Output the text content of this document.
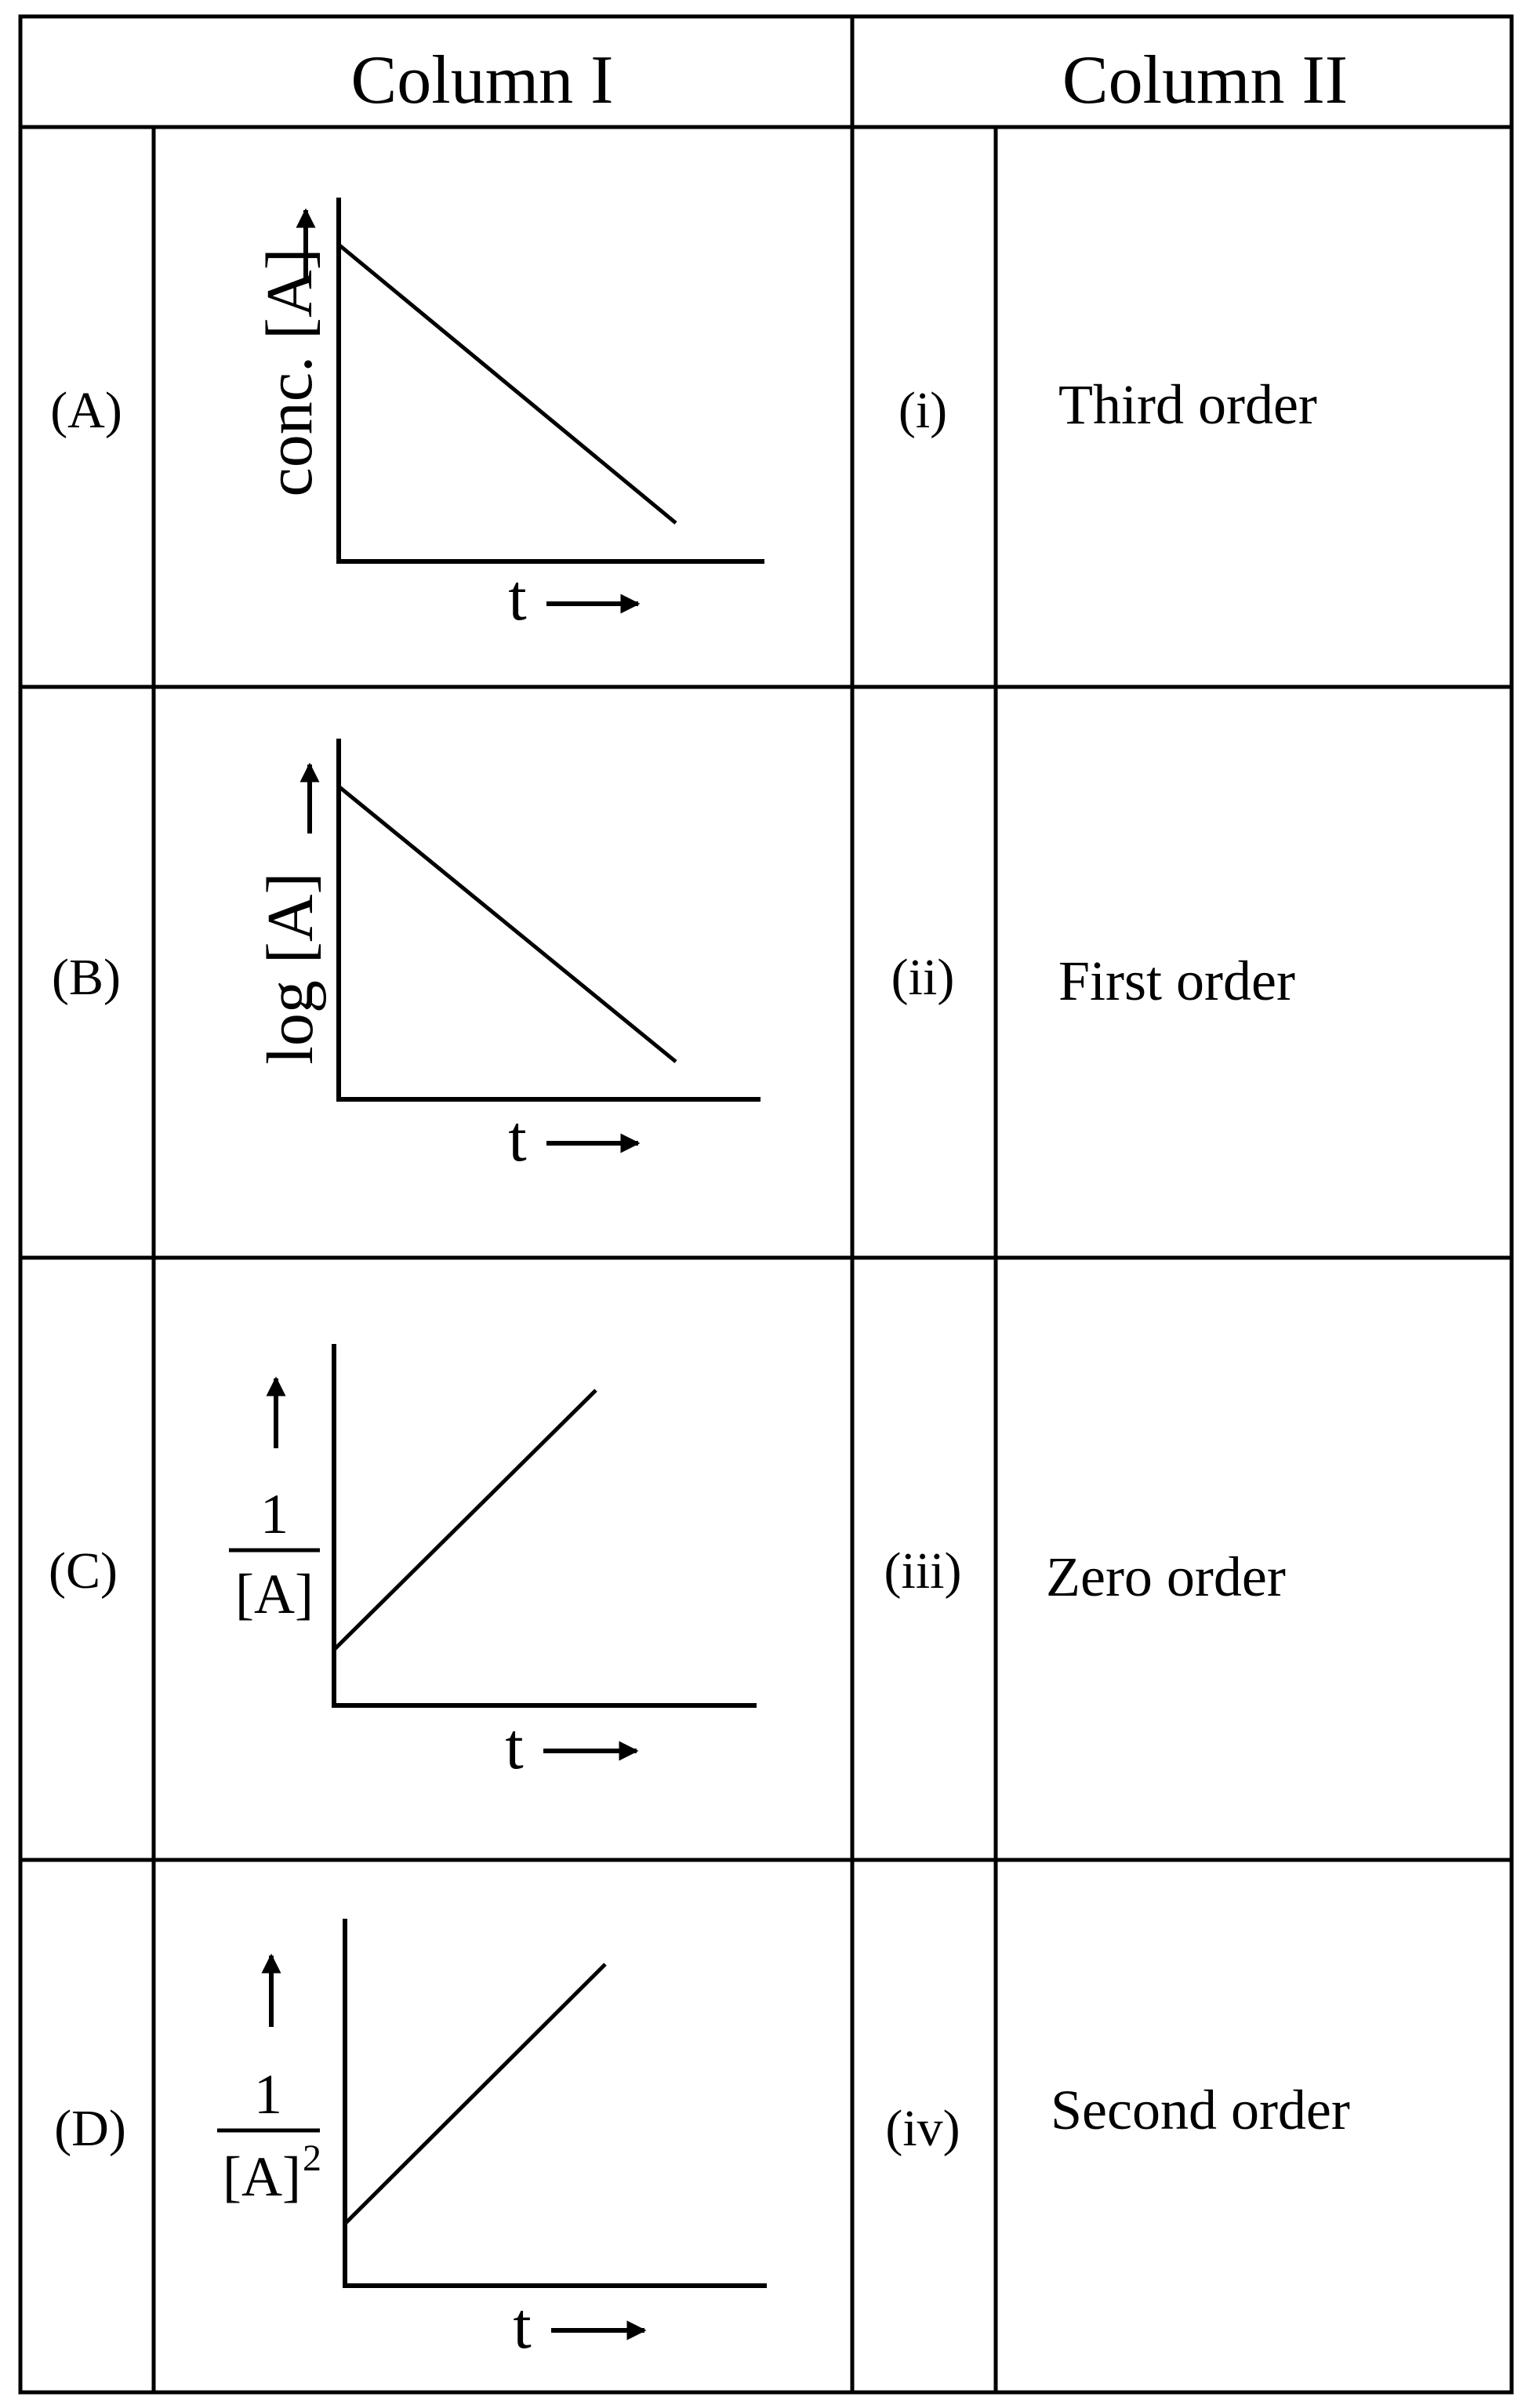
Column I	Column II
(A) conc. [A]
t
(i) Third order
(B) log [A]
t
(ii) First order
(C)
1
[A]
t
(iii) Zero order
(D)
1
[A] 2
t
(iv) Second order
